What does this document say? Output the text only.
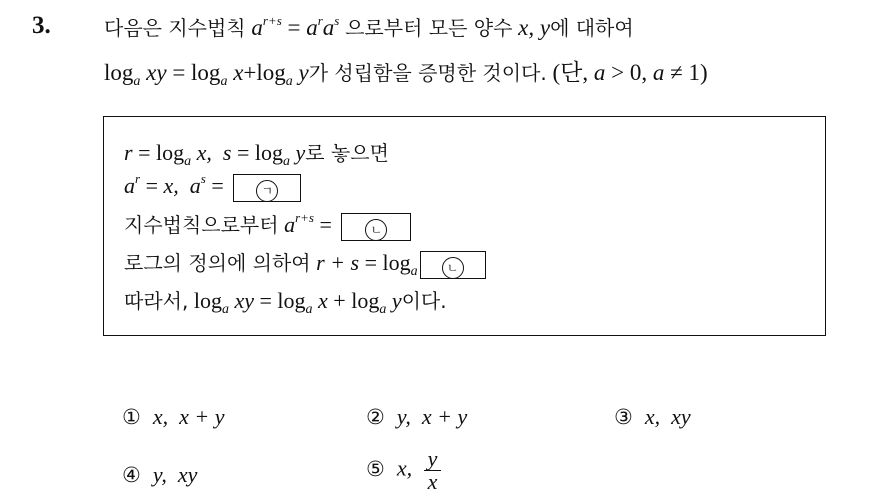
3.	다음은 지수법칙 $a^{r+s} = a^ra^s$ 으로부터 모든 양수 x, y에 대하여
$\log_a$ xy = $\log_a x+\log_a$ y가 성립함을 증명한 것이다. (단, a > 0, a ≠ 1)
$r = \log_a x$, $s = \log_a y$로 놓으면
$a^r = x$, $a^s$ =	ㄱ
지수법칙으로부터 $a^{r+s}$ =	ㄴ
로그의 정의에 의하여 $r + s = \log_a$ ㄴ
따라서, $\log_a$ xy = $\log_a x + \log_a y$이다.
① x, x + y	② y, x + y	③ x, xy
④ y, xy	⑤ x, $\frac{y}{x}$
